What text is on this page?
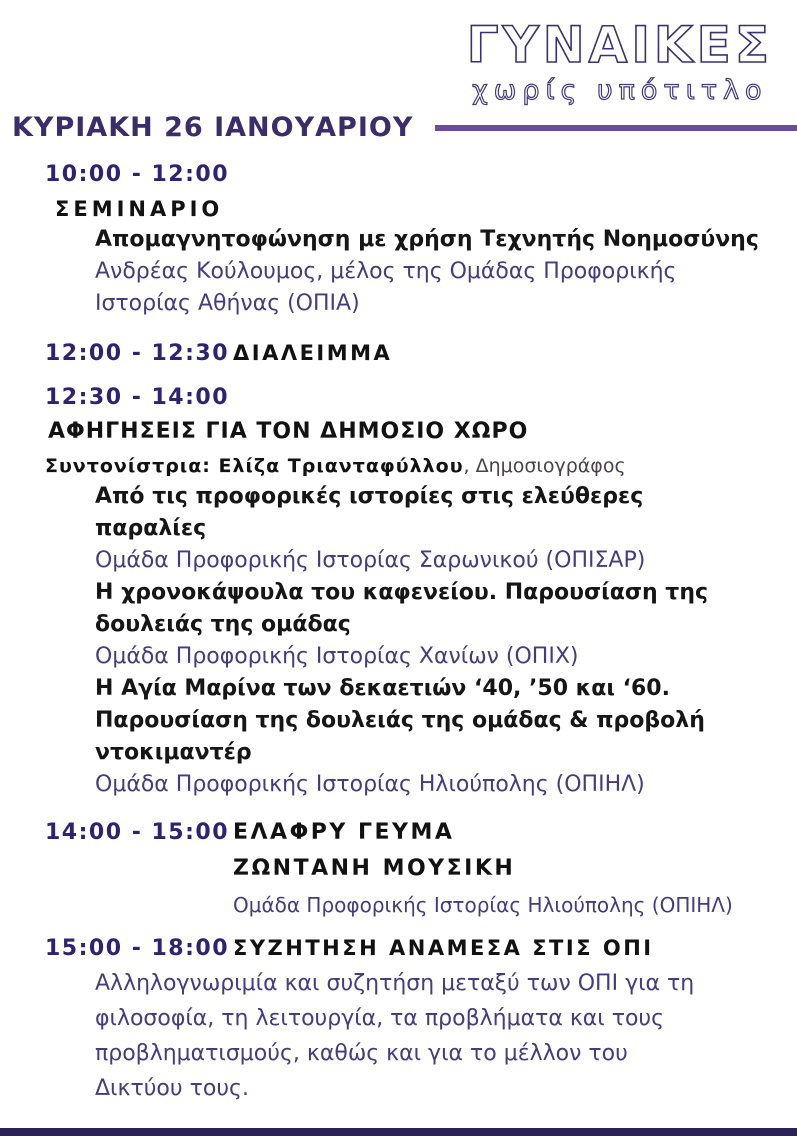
ΓΥΝΑΙΚΕΣ
χωρίς υπότιτλο
ΚΥΡΙΑΚΗ 26 ΙΑΝΟΥΑΡΙΟΥ
10:00 - 12:00
ΣΕΜΙΝΑΡΙΟ
Απομαγνητοφώνηση με χρήση Τεχνητής Νοημοσύνης
Ανδρέας Κούλουμος, μέλος της Ομάδας Προφορικής
Ιστορίας Αθήνας (ΟΠΙΑ)
12:00 - 12:30 ΔΙΑΛΕΙΜΜΑ
12:30 - 14:00
ΑΦΗΓΗΣΕΙΣ ΓΙΑ ΤΟΝ ΔΗΜΟΣΙΟ ΧΩΡΟ
Συντονίστρια: Ελίζα Τριανταφύλλου, Δημοσιογράφος
Από τις προφορικές ιστορίες στις ελεύθερες
παραλίες
Ομάδα Προφορικής Ιστορίας Σαρωνικού (ΟΠΙΣΑΡ)
Η χρονοκάψουλα του καφενείου. Παρουσίαση της
δουλειάς της ομάδας
Ομάδα Προφορικής Ιστορίας Χανίων (ΟΠΙΧ)
Η Αγία Μαρίνα των δεκαετιών ‘40, ’50 και ‘60.
Παρουσίαση της δουλειάς της ομάδας & προβολή
ντοκιμαντέρ
Ομάδα Προφορικής Ιστορίας Ηλιούπολης (ΟΠΙΗΛ)
14:00 - 15:00 ΕΛΑΦΡΥ ΓΕΥΜΑ
ΖΩΝΤΑΝΗ ΜΟΥΣΙΚΗ
Ομάδα Προφορικής Ιστορίας Ηλιούπολης (ΟΠΙΗΛ)
15:00 - 18:00 ΣΥΖΗΤΗΣΗ ΑΝΑΜΕΣΑ ΣΤΙΣ ΟΠΙ
Αλληλογνωριμία και συζητήση μεταξύ των ΟΠΙ για τη
φιλοσοφία, τη λειτουργία, τα προβλήματα και τους
προβληματισμούς, καθώς και για το μέλλον του
Δικτύου τους.
